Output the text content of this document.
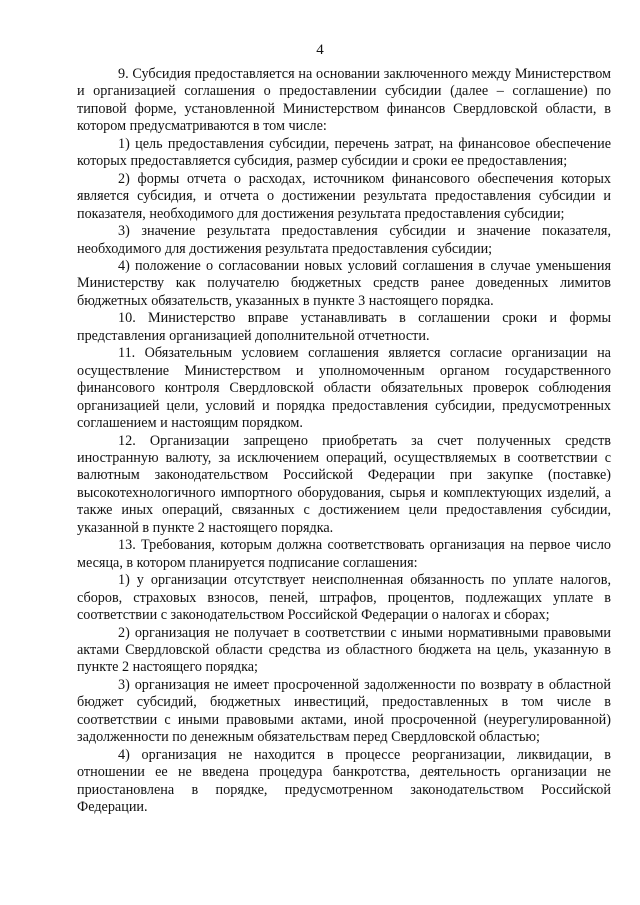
4

9. Субсидия предоставляется на основании заключенного между Министерством и организацией соглашения о предоставлении субсидии (далее – соглашение) по типовой форме, установленной Министерством финансов Свердловской области, в котором предусматриваются в том числе:

1) цель предоставления субсидии, перечень затрат, на финансовое обеспечение которых предоставляется субсидия, размер субсидии и сроки ее предоставления;

2) формы отчета о расходах, источником финансового обеспечения которых является субсидия, и отчета о достижении результата предоставления субсидии и показателя, необходимого для достижения результата предоставления субсидии;

3) значение результата предоставления субсидии и значение показателя, необходимого для достижения результата предоставления субсидии;

4) положение о согласовании новых условий соглашения в случае уменьшения Министерству как получателю бюджетных средств ранее доведенных лимитов бюджетных обязательств, указанных в пункте 3 настоящего порядка.

10. Министерство вправе устанавливать в соглашении сроки и формы представления организацией дополнительной отчетности.

11. Обязательным условием соглашения является согласие организации на осуществление Министерством и уполномоченным органом государственного финансового контроля Свердловской области обязательных проверок соблюдения организацией цели, условий и порядка предоставления субсидии, предусмотренных соглашением и настоящим порядком.

12. Организации запрещено приобретать за счет полученных средств иностранную валюту, за исключением операций, осуществляемых в соответствии с валютным законодательством Российской Федерации при закупке (поставке) высокотехнологичного импортного оборудования, сырья и комплектующих изделий, а также иных операций, связанных с достижением цели предоставления субсидии, указанной в пункте 2 настоящего порядка.

13. Требования, которым должна соответствовать организация на первое число месяца, в котором планируется подписание соглашения:

1) у организации отсутствует неисполненная обязанность по уплате налогов, сборов, страховых взносов, пеней, штрафов, процентов, подлежащих уплате в соответствии с законодательством Российской Федерации о налогах и сборах;

2) организация не получает в соответствии с иными нормативными правовыми актами Свердловской области средства из областного бюджета на цель, указанную в пункте 2 настоящего порядка;

3) организация не имеет просроченной задолженности по возврату в областной бюджет субсидий, бюджетных инвестиций, предоставленных в том числе в соответствии с иными правовыми актами, иной просроченной (неурегулированной) задолженности по денежным обязательствам перед Свердловской областью;

4) организация не находится в процессе реорганизации, ликвидации, в отношении ее не введена процедура банкротства, деятельность организации не приостановлена в порядке, предусмотренном законодательством Российской Федерации.
